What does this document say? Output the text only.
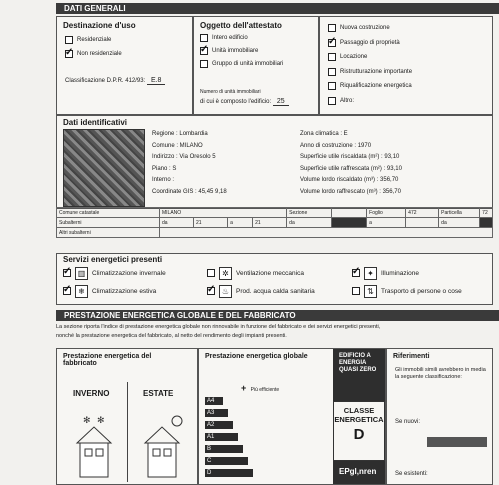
DATI GENERALI
Destinazione d'uso
Residenziale
✓
Non residenziale
Classificazione D.P.R. 412/93: E.8
Oggetto dell'attestato
Intero edificio
✓
Unità immobiliare
Gruppo di unità immobiliari
Numero di unità immobiliari
di cui è composto l'edificio: 25
Nuova costruzione
✓
Passaggio di proprietà
Locazione
Ristrutturazione importante
Riqualificazione energetica
Altro:
Dati identificativi
Regione : Lombardia
Comune : MILANO
Indirizzo : Via Oresolo 5
Piano : S
Interno :
Coordinate GIS : 45,45 9,18
Zona climatica : E
Anno di costruzione : 1970
Superficie utile riscaldata (m²) : 93,10
Superficie utile raffrescata (m²) : 93,10
Volume lordo riscaldato (m³) : 356,70
Volume lordo raffrescato (m³) : 356,70
Comune catastale	MILANO				Sezione		Foglio	472	Particella	72
Subalterni	da	21	a	21	da		a		da	
Altri subalterni										
Servizi energetici presenti
✓
▥	Climatizzazione invernale	✲	Ventilazione meccanica ✓	✦	Illuminazione
✓
❄	Climatizzazione estiva ✓	♨	Prod. acqua calda sanitaria	⇅	Trasporto di persone o cose
PRESTAZIONE ENERGETICA GLOBALE E DEL FABBRICATO
La sezione riporta l'indice di prestazione energetica globale non rinnovabile in funzione del fabbricato e dei servizi energetici presenti,
nonché la prestazione energetica del fabbricato, al netto del rendimento degli impianti presenti.
Prestazione energetica del fabbricato
INVERNO	ESTATE
✻ ✻
Prestazione energetica globale
+ Più efficiente
A4
A3
A2
A1
B
C
D
EDIFICIO A ENERGIA QUASI ZERO
CLASSE ENERGETICA
D
EPgl,nren
Riferimenti
Gli immobili simili avrebbero in media la seguente classificazione:
Se nuovi:
Se esistenti:
